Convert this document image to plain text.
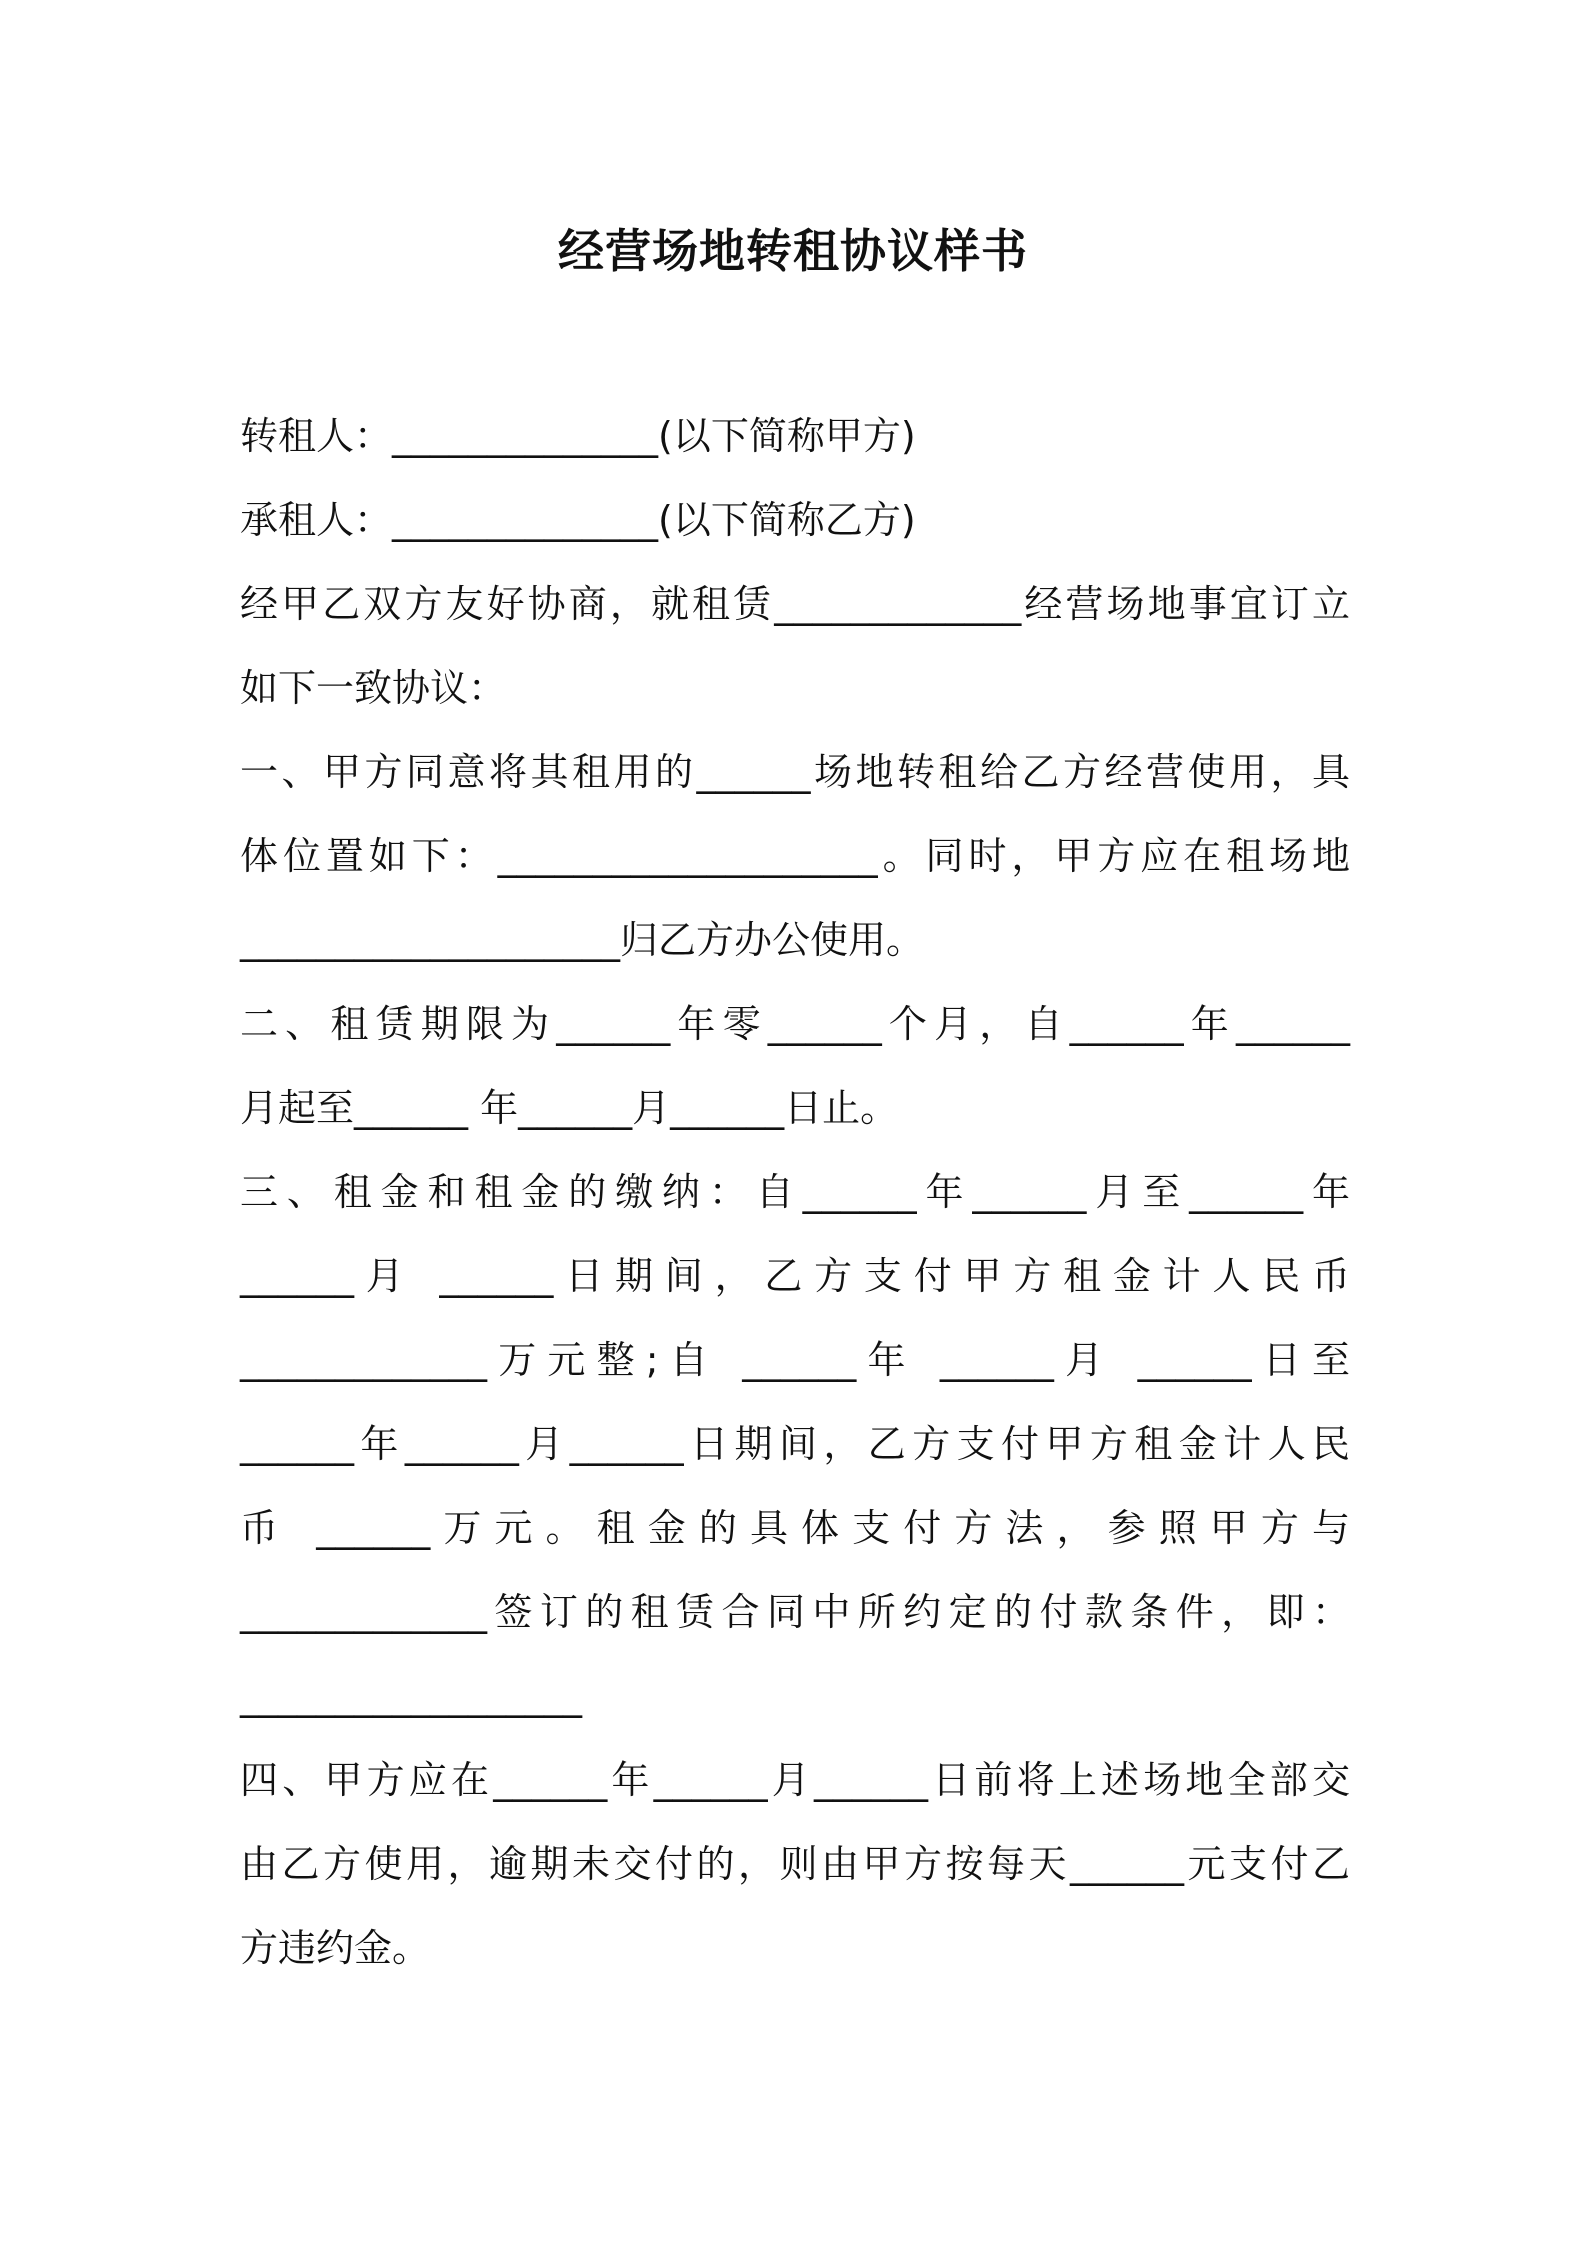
经营场地转租协议样书

转租人：______________(以下简称甲方)

承租人：______________(以下简称乙方)

经甲乙双方友好协商，就租赁_____________经营场地事宜订立

如下一致协议：

一、甲方同意将其租用的______场地转租给乙方经营使用，具

体位置如下：____________________。同时，甲方应在租场地

____________________归乙方办公使用。

二、租赁期限为______年零______个月，自______年______

月起至______ 年______月______日止。

三、租金和租金的缴纳：自______年______月至______年

______月 ______日期间，乙方支付甲方租金计人民币

_____________万元整;自 ______年 ______月 ______日至

______年______月______日期间，乙方支付甲方租金计人民

币 ______万元。租金的具体支付方法，参照甲方与

_____________签订的租赁合同中所约定的付款条件，即：

__________________

四、甲方应在______年______月______日前将上述场地全部交

由乙方使用，逾期未交付的，则由甲方按每天______元支付乙

方违约金。
